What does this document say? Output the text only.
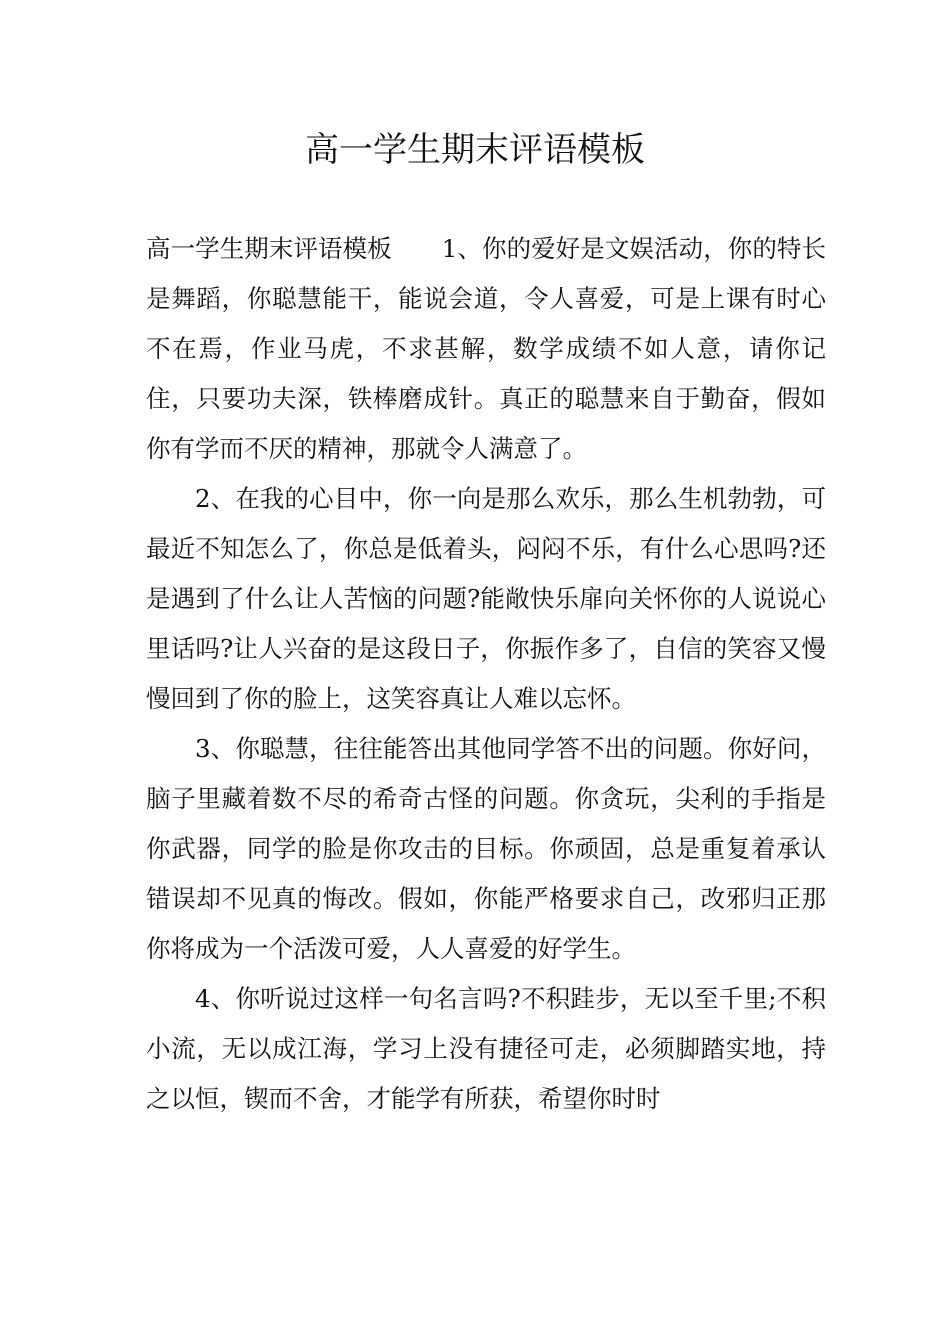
高一学生期末评语模板

高一学生期末评语模板 1、你的爱好是文娱活动，你的特长是舞蹈，你聪慧能干，能说会道，令人喜爱，可是上课有时心不在焉，作业马虎，不求甚解，数学成绩不如人意，请你记住，只要功夫深，铁棒磨成针。真正的聪慧来自于勤奋，假如你有学而不厌的精神，那就令人满意了。

2、在我的心目中，你一向是那么欢乐，那么生机勃勃，可最近不知怎么了，你总是低着头，闷闷不乐，有什么心思吗?还是遇到了什么让人苦恼的问题?能敞快乐扉向关怀你的人说说心里话吗?让人兴奋的是这段日子，你振作多了，自信的笑容又慢慢回到了你的脸上，这笑容真让人难以忘怀。

3、你聪慧，往往能答出其他同学答不出的问题。你好问，脑子里藏着数不尽的希奇古怪的问题。你贪玩，尖利的手指是你武器，同学的脸是你攻击的目标。你顽固，总是重复着承认错误却不见真的悔改。假如，你能严格要求自己，改邪归正那你将成为一个活泼可爱，人人喜爱的好学生。

4、你听说过这样一句名言吗?不积跬步，无以至千里;不积小流，无以成江海，学习上没有捷径可走，必须脚踏实地，持之以恒，锲而不舍，才能学有所获，希望你时时
